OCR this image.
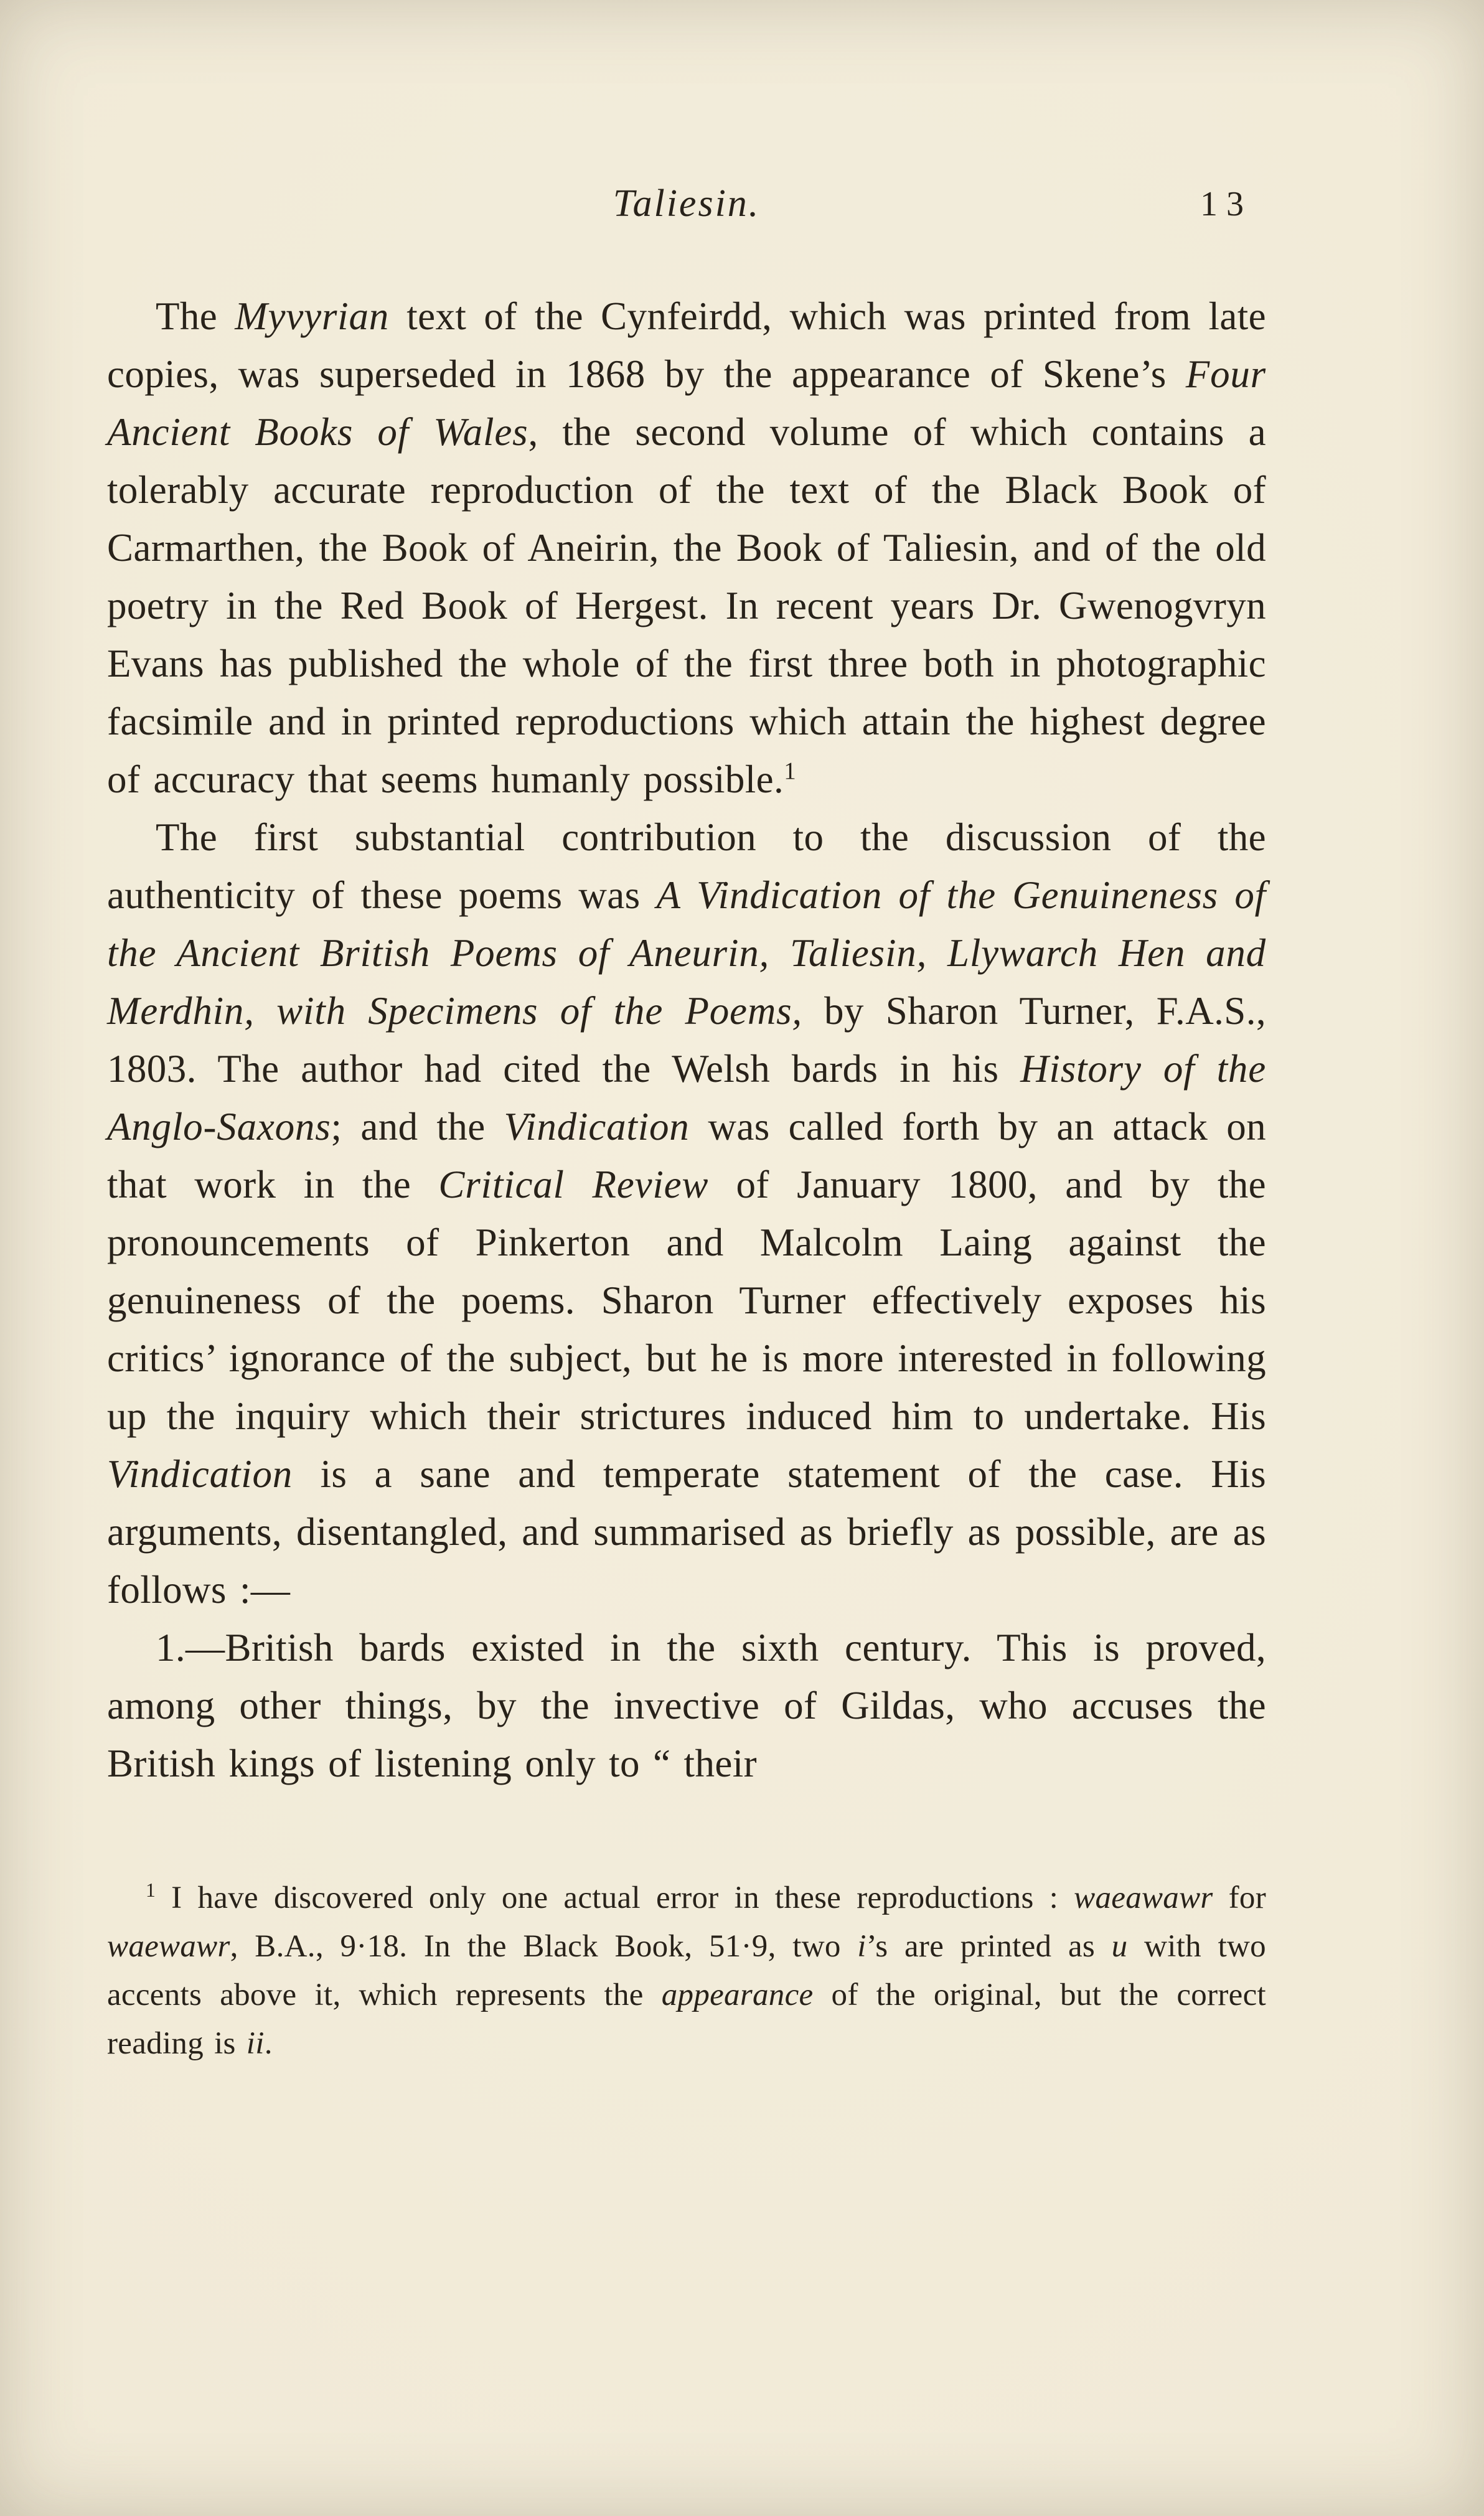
Taliesin.	13

The Myvyrian text of the Cynfeirdd, which was printed from late copies, was superseded in 1868 by the appearance of Skene’s Four Ancient Books of Wales, the second volume of which contains a tolerably accurate reproduction of the text of the Black Book of Carmarthen, the Book of Aneirin, the Book of Taliesin, and of the old poetry in the Red Book of Hergest. In recent years Dr. Gwenogvryn Evans has published the whole of the first three both in photographic facsimile and in printed reproductions which attain the highest degree of accuracy that seems humanly possible.$^1$

The first substantial contribution to the discussion of the authenticity of these poems was A Vindication of the Genuineness of the Ancient British Poems of Aneurin, Taliesin, Llywarch Hen and Merdhin, with Specimens of the Poems, by Sharon Turner, F.A.S., 1803. The author had cited the Welsh bards in his History of the Anglo-Saxons; and the Vindication was called forth by an attack on that work in the Critical Review of January 1800, and by the pronouncements of Pinkerton and Malcolm Laing against the genuineness of the poems. Sharon Turner effectively exposes his critics’ ignorance of the subject, but he is more interested in following up the inquiry which their strictures induced him to undertake. His Vindication is a sane and temperate statement of the case. His arguments, disentangled, and summarised as briefly as possible, are as follows :—

1.—British bards existed in the sixth century. This is proved, among other things, by the invective of Gildas, who accuses the British kings of listening only to “ their

$^1$ I have discovered only one actual error in these reproductions : waeawawr for waewawr, B.A., 9·18. In the Black Book, 51·9, two i’s are printed as u with two accents above it, which represents the appearance of the original, but the correct reading is ii.
